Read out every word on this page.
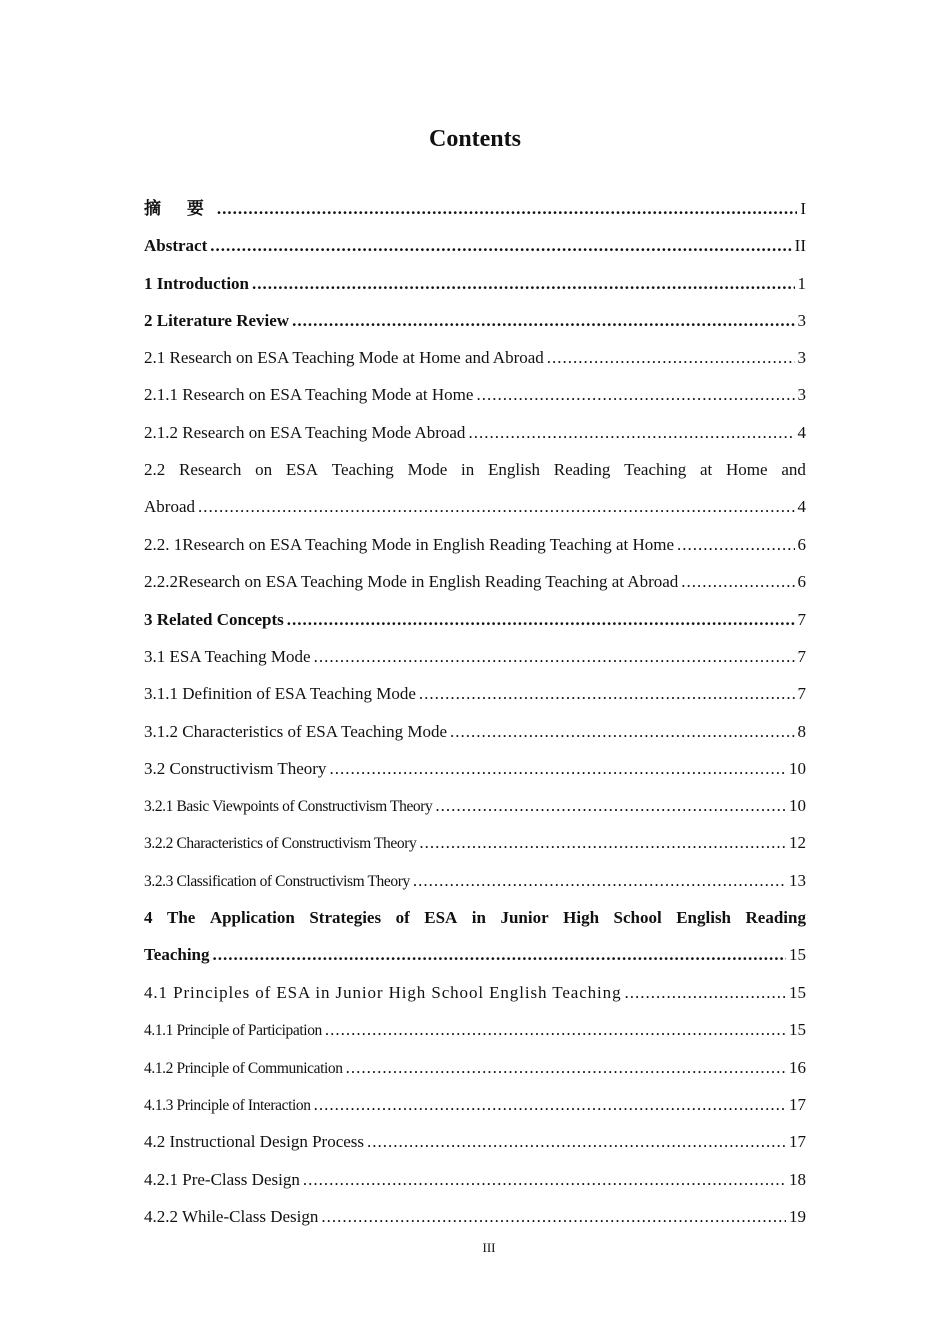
Contents
摘 要 .....	I
Abstract .....	II
1 Introduction .....	1
2 Literature Review .....	3
2.1 Research on ESA Teaching Mode at Home and Abroad .....	3
2.1.1 Research on ESA Teaching Mode at Home .....	3
2.1.2 Research on ESA Teaching Mode Abroad .....	4
2.2 Research on ESA Teaching Mode in English Reading Teaching at Home and
Abroad .....	4
2.2. 1Research on ESA Teaching Mode in English Reading Teaching at Home .....	6
2.2.2Research on ESA Teaching Mode in English Reading Teaching at Abroad .....	6
3 Related Concepts .....	7
3.1 ESA Teaching Mode .....	7
3.1.1 Definition of ESA Teaching Mode .....	7
3.1.2 Characteristics of ESA Teaching Mode .....	8
3.2 Constructivism Theory .....	10
3.2.1 Basic Viewpoints of Constructivism Theory .....	10
3.2.2 Characteristics of Constructivism Theory .....	12
3.2.3 Classification of Constructivism Theory .....	13
4 The Application Strategies of ESA in Junior High School English Reading
Teaching .....	15
4.1 Principles of ESA in Junior High School English Teaching .....	15
4.1.1 Principle of Participation .....	15
4.1.2 Principle of Communication .....	16
4.1.3 Principle of Interaction .....	17
4.2 Instructional Design Process .....	17
4.2.1 Pre-Class Design .....	18
4.2.2 While-Class Design .....	19
III
